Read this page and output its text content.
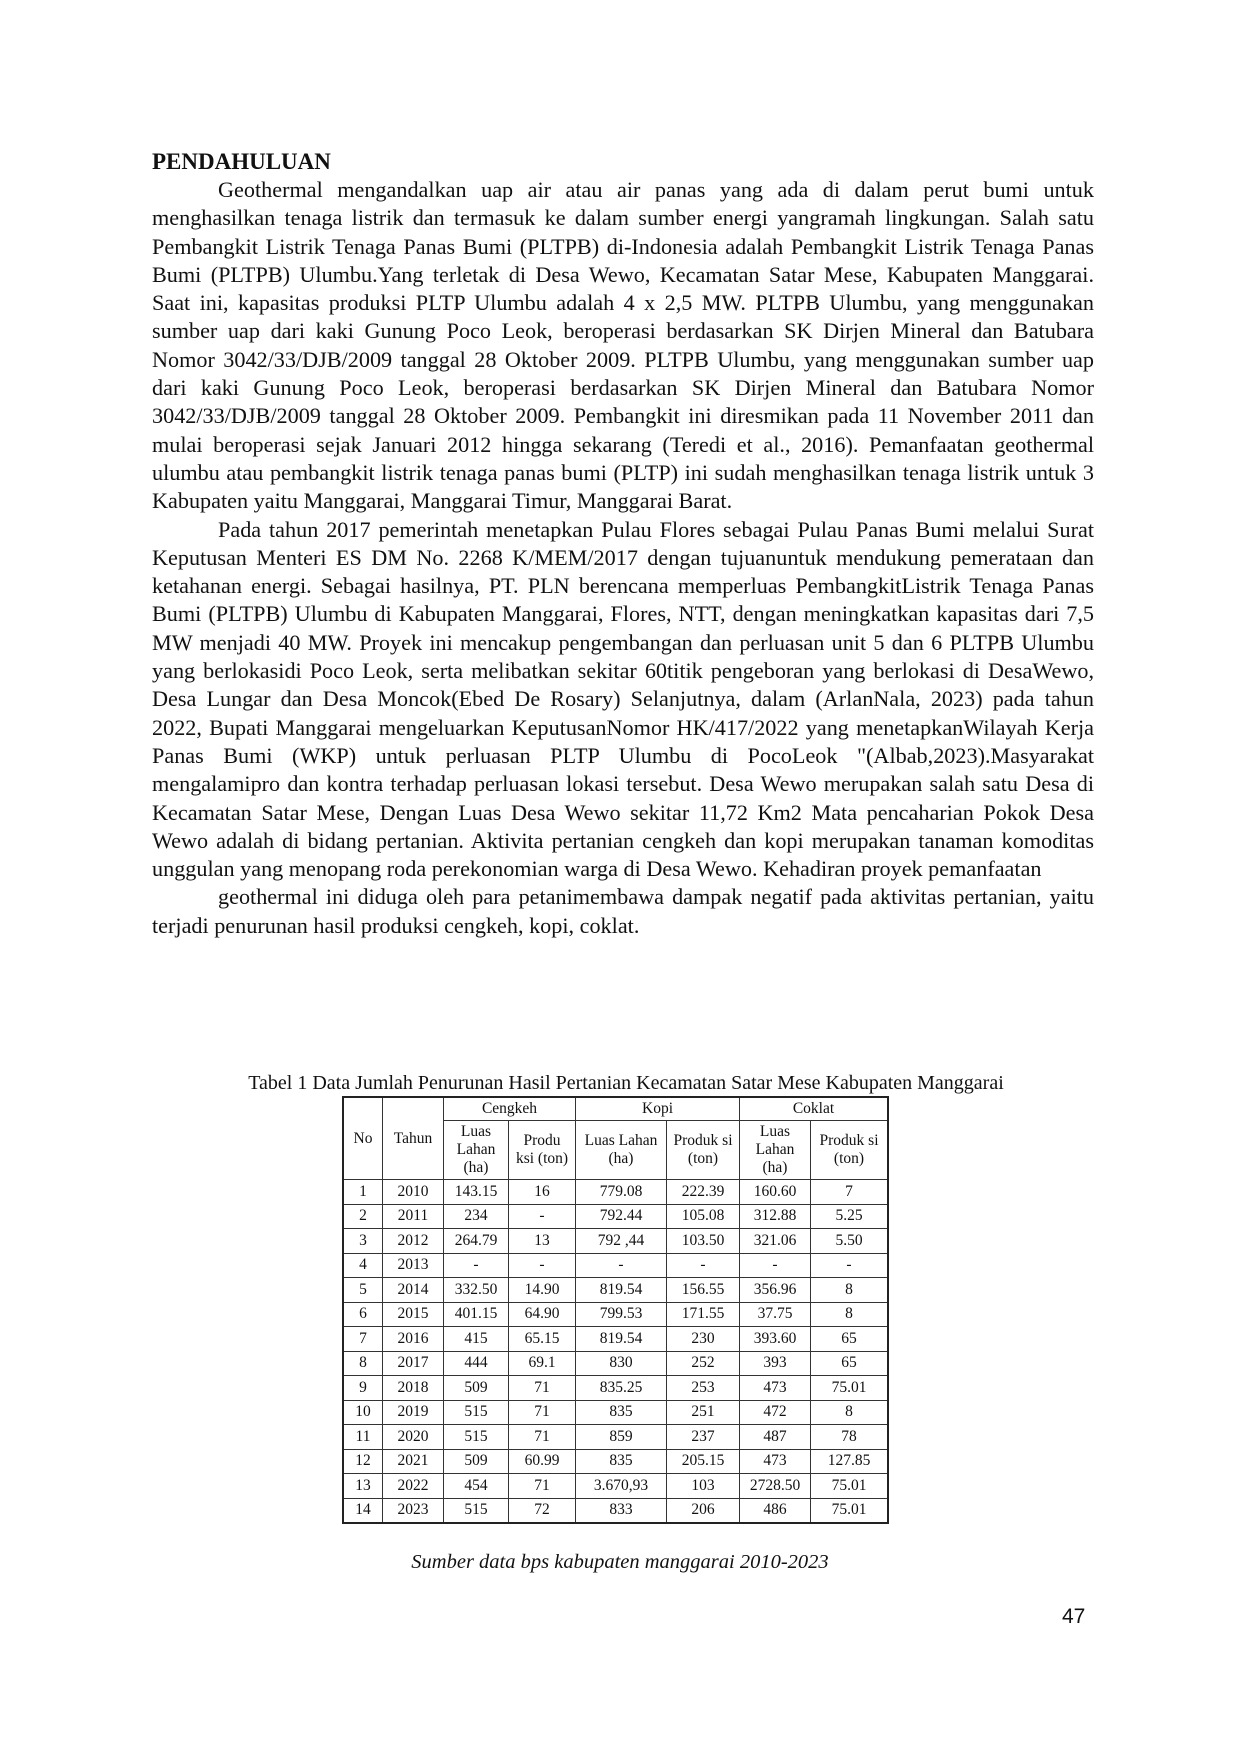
PENDAHULUAN

Geothermal mengandalkan uap air atau air panas yang ada di dalam perut bumi untuk menghasilkan tenaga listrik dan termasuk ke dalam sumber energi yangramah lingkungan. Salah satu Pembangkit Listrik Tenaga Panas Bumi (PLTPB) di-Indonesia adalah Pembangkit Listrik Tenaga Panas Bumi (PLTPB) Ulumbu.Yang terletak di Desa Wewo, Kecamatan Satar Mese, Kabupaten Manggarai. Saat ini, kapasitas produksi PLTP Ulumbu adalah 4 x 2,5 MW. PLTPB Ulumbu, yang menggunakan sumber uap dari kaki Gunung Poco Leok, beroperasi berdasarkan SK Dirjen Mineral dan Batubara Nomor 3042/33/DJB/2009 tanggal 28 Oktober 2009. PLTPB Ulumbu, yang menggunakan sumber uap dari kaki Gunung Poco Leok, beroperasi berdasarkan SK Dirjen Mineral dan Batubara Nomor 3042/33/DJB/2009 tanggal 28 Oktober 2009. Pembangkit ini diresmikan pada 11 November 2011 dan mulai beroperasi sejak Januari 2012 hingga sekarang (Teredi et al., 2016). Pemanfaatan geothermal ulumbu atau pembangkit listrik tenaga panas bumi (PLTP) ini sudah menghasilkan tenaga listrik untuk 3 Kabupaten yaitu Manggarai, Manggarai Timur, Manggarai Barat.

Pada tahun 2017 pemerintah menetapkan Pulau Flores sebagai Pulau Panas Bumi melalui Surat Keputusan Menteri ES DM No. 2268 K/MEM/2017 dengan tujuanuntuk mendukung pemerataan dan ketahanan energi. Sebagai hasilnya, PT. PLN berencana memperluas PembangkitListrik Tenaga Panas Bumi (PLTPB) Ulumbu di Kabupaten Manggarai, Flores, NTT, dengan meningkatkan kapasitas dari 7,5 MW menjadi 40 MW. Proyek ini mencakup pengembangan dan perluasan unit 5 dan 6 PLTPB Ulumbu yang berlokasidi Poco Leok, serta melibatkan sekitar 60titik pengeboran yang berlokasi di DesaWewo, Desa Lungar dan Desa Moncok(Ebed De Rosary) Selanjutnya, dalam (ArlanNala, 2023) pada tahun 2022, Bupati Manggarai mengeluarkan KeputusanNomor HK/417/2022 yang menetapkanWilayah Kerja Panas Bumi (WKP) untuk perluasan PLTP Ulumbu di PocoLeok "(Albab,2023).Masyarakat mengalamipro dan kontra terhadap perluasan lokasi tersebut. Desa Wewo merupakan salah satu Desa di Kecamatan Satar Mese, Dengan Luas Desa Wewo sekitar 11,72 Km2 Mata pencaharian Pokok Desa Wewo adalah di bidang pertanian. Aktivita pertanian cengkeh dan kopi merupakan tanaman komoditas unggulan yang menopang roda perekonomian warga di Desa Wewo. Kehadiran proyek pemanfaatan

geothermal ini diduga oleh para petanimembawa dampak negatif pada aktivitas pertanian, yaitu terjadi penurunan hasil produksi cengkeh, kopi, coklat.

Tabel 1 Data Jumlah Penurunan Hasil Pertanian Kecamatan Satar Mese Kabupaten Manggarai

No	Tahun	Cengkeh		Kopi		Coklat	
		Luas Lahan (ha)	Produ ksi (ton)	Luas Lahan (ha)	Produk si (ton)	Luas Lahan (ha)	Produk si (ton)
1	2010	143.15	16	779.08	222.39	160.60	7
2	2011	234	-	792.44	105.08	312.88	5.25
3	2012	264.79	13	792 ,44	103.50	321.06	5.50
4	2013	-	-	-	-	-	-
5	2014	332.50	14.90	819.54	156.55	356.96	8
6	2015	401.15	64.90	799.53	171.55	37.75	8
7	2016	415	65.15	819.54	230	393.60	65
8	2017	444	69.1	830	252	393	65
9	2018	509	71	835.25	253	473	75.01
10	2019	515	71	835	251	472	8
11	2020	515	71	859	237	487	78
12	2021	509	60.99	835	205.15	473	127.85
13	2022	454	71	3.670,93	103	2728.50	75.01
14	2023	515	72	833	206	486	75.01

Sumber data bps kabupaten manggarai 2010-2023

47
